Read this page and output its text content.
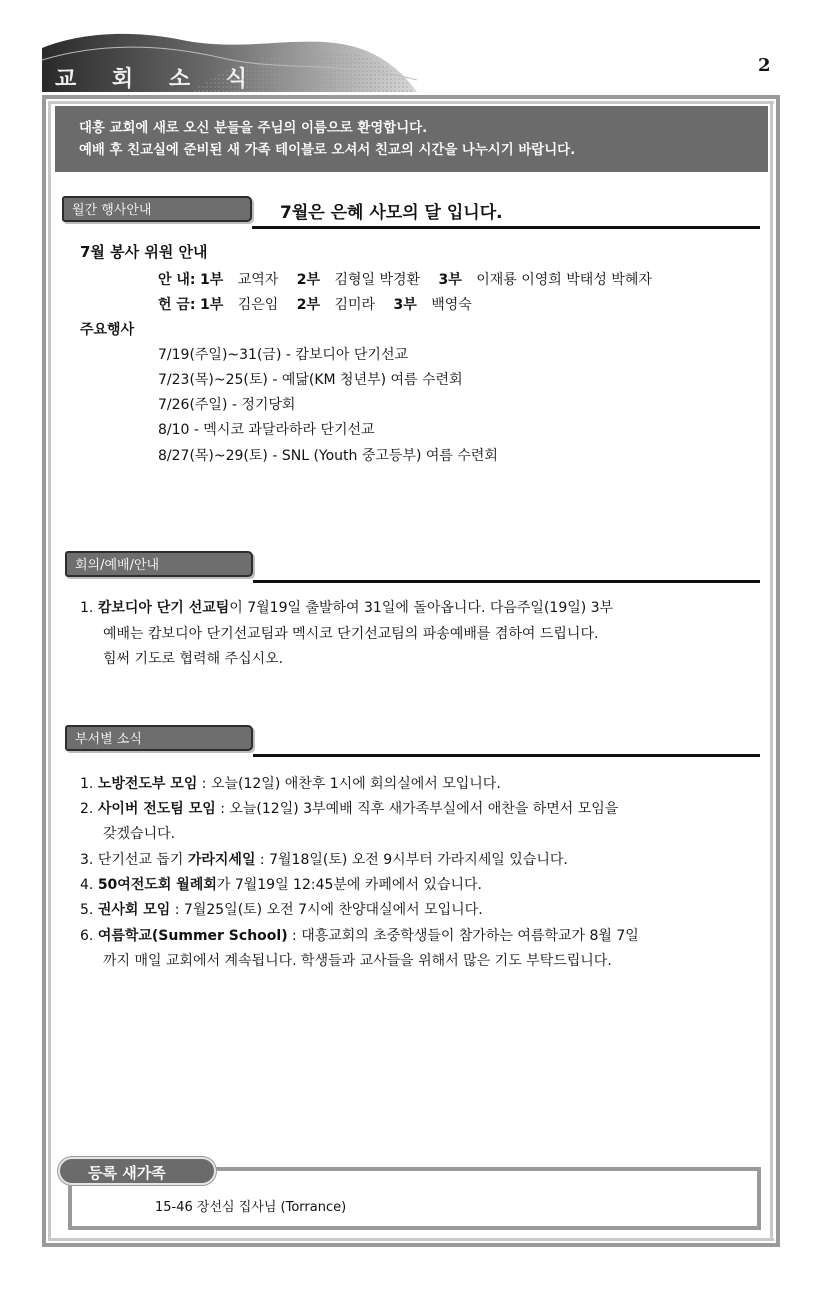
교 회 소 식
2
대흥 교회에 새로 오신 분들을 주님의 이름으로 환영합니다.
예배 후 친교실에 준비된 새 가족 테이블로 오셔서 친교의 시간을 나누시기 바랍니다.
월간 행사안내	7월은 은혜 사모의 달 입니다.
7월 봉사 위원 안내
안 내: 1부 교역자 2부 김형일 박경환 3부 이재룡 이영희 박태성 박혜자
헌 금: 1부 김은임 2부 김미라 3부 백영숙
주요행사
7/19(주일)~31(금) - 캄보디아 단기선교
7/23(목)~25(토) - 예닮(KM 청년부) 여름 수련회
7/26(주일) - 정기당회
8/10 - 멕시코 과달라하라 단기선교
8/27(목)~29(토) - SNL (Youth 중고등부) 여름 수련회
회의/예배/안내
1. 캄보디아 단기 선교팀이 7월19일 출발하여 31일에 돌아옵니다. 다음주일(19일) 3부
예배는 캄보디아 단기선교팀과 멕시코 단기선교팀의 파송예배를 겸하여 드립니다.
힘써 기도로 협력해 주십시오.
부서별 소식
1. 노방전도부 모임 : 오늘(12일) 애찬후 1시에 회의실에서 모입니다.
2. 사이버 전도팀 모임 : 오늘(12일) 3부예배 직후 새가족부실에서 애찬을 하면서 모임을
갖겠습니다.
3. 단기선교 돕기 가라지세일 : 7월18일(토) 오전 9시부터 가라지세일 있습니다.
4. 50여전도회 월례회가 7월19일 12:45분에 카페에서 있습니다.
5. 권사회 모임 : 7월25일(토) 오전 7시에 찬양대실에서 모입니다.
6. 여름학교(Summer School) : 대흥교회의 초중학생들이 참가하는 여름학교가 8월 7일
까지 매일 교회에서 계속됩니다. 학생들과 교사들을 위해서 많은 기도 부탁드립니다.
등록 새가족
15-46 장선심 집사님 (Torrance)
